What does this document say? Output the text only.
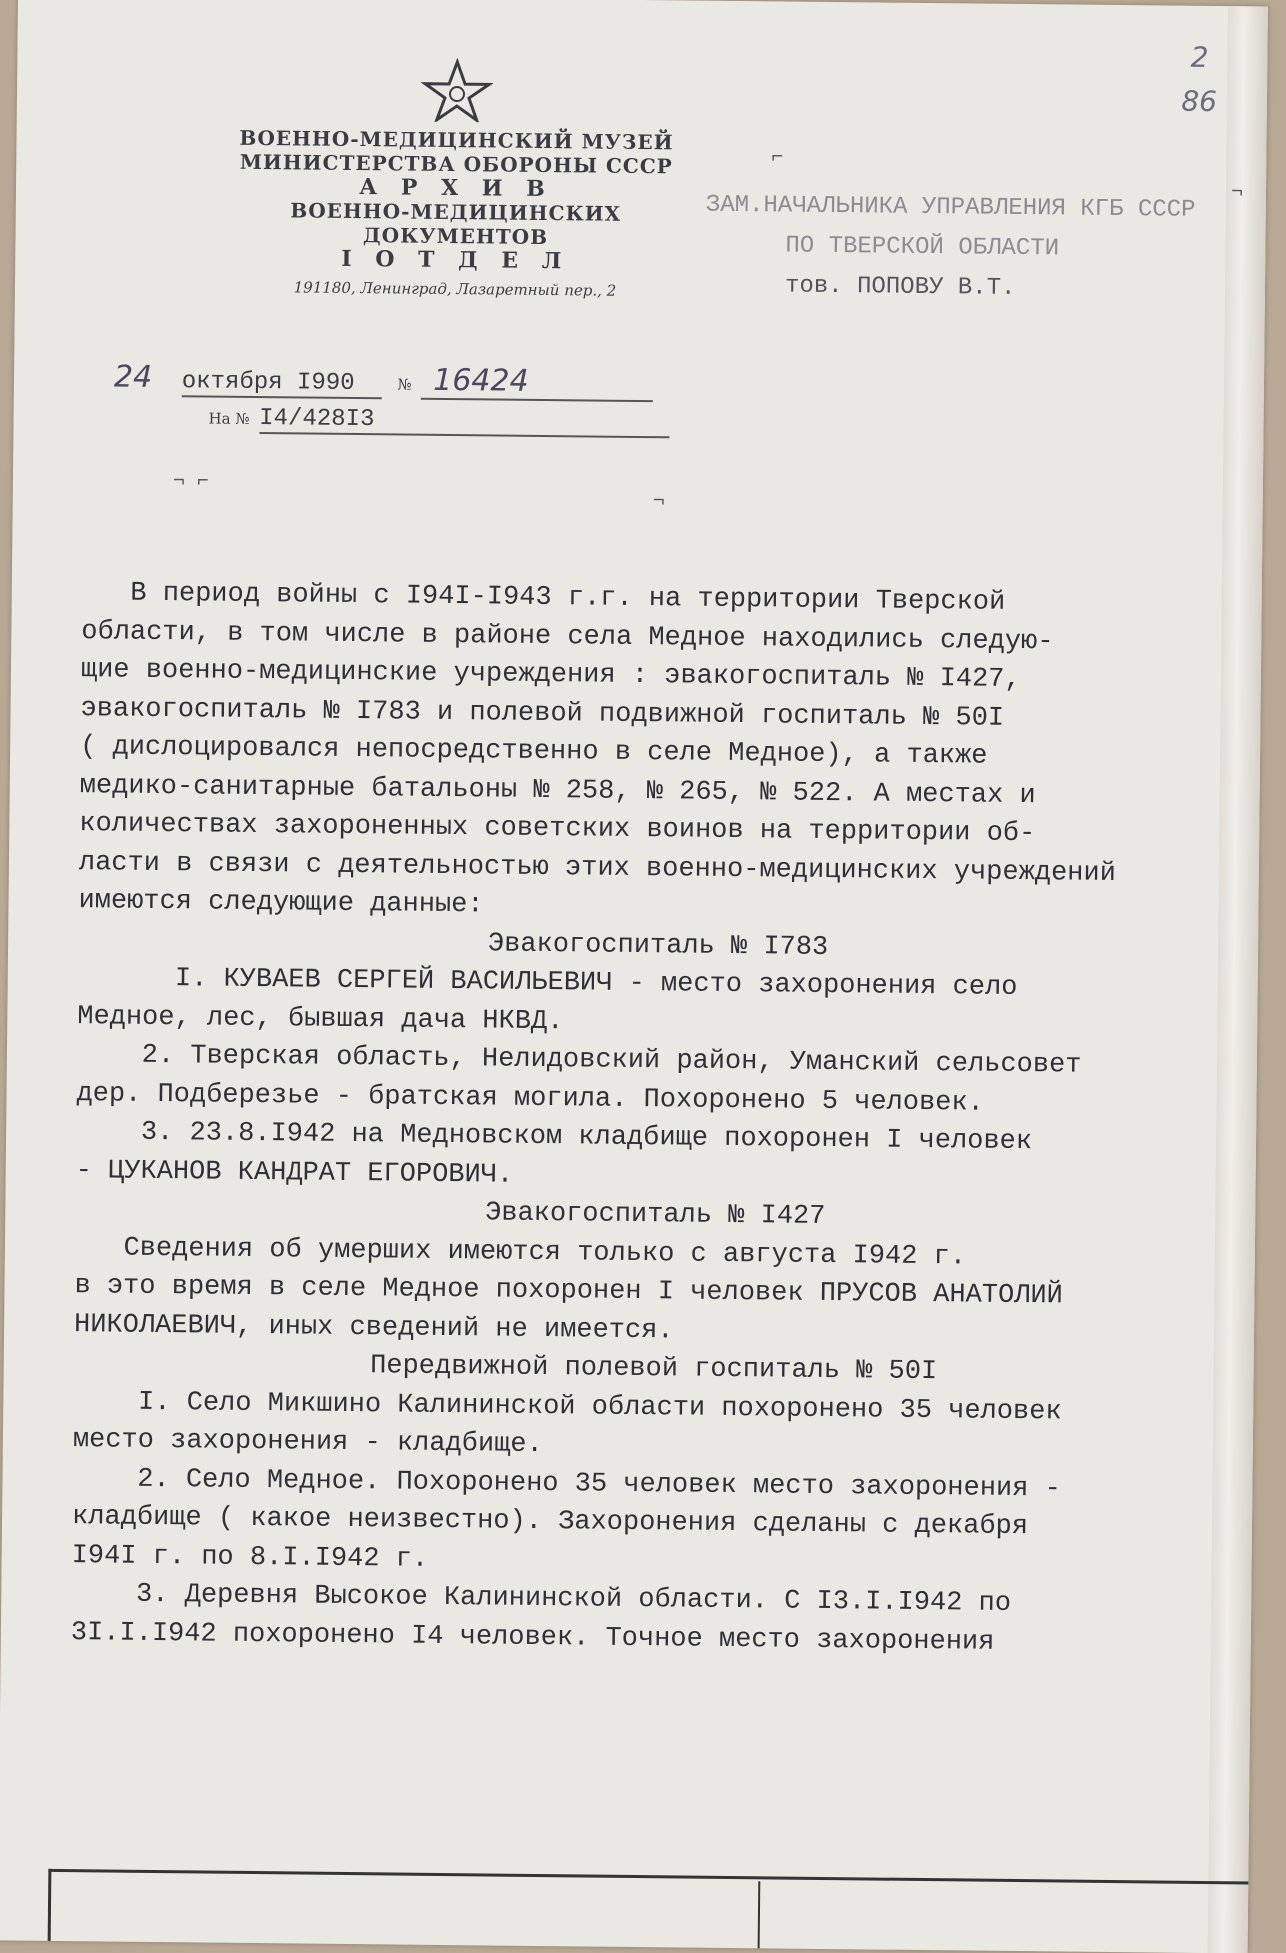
2
86
ВОЕННО-МЕДИЦИНСКИЙ МУЗЕЙ
МИНИСТЕРСТВА ОБОРОНЫ СССР
А Р Х И В
ВОЕННО-МЕДИЦИНСКИХ
ДОКУМЕНТОВ
I О Т Д Е Л
191180, Ленинград, Лазаретный пер., 2
⌐
¬
ЗАМ.НАЧАЛЬНИКА УПРАВЛЕНИЯ КГБ СССР
ПО ТВЕРСКОЙ ОБЛАСТИ
тов. ПОПОВУ В.Т.
24 октября I990	№ 16424
На № I4/428I3
¬ ⌐
¬

В период войны с I94I-I943 г.г. на территории Тверской

области, в том числе в районе села Медное находились следую-

щие военно-медицинские учреждения : эвакогоспиталь № I427,

эвакогоспиталь № I783 и полевой подвижной госпиталь № 50I

( дислоцировался непосредственно в селе Медное), а также

медико-санитарные батальоны № 258, № 265, № 522. А местах и

количествах захороненных советских воинов на территории об-

ласти в связи с деятельностью этих военно-медицинских учреждений

имеются следующие данные:

Эвакогоспиталь № I783

I. КУВАЕВ СЕРГЕЙ ВАСИЛЬЕВИЧ - место захоронения село

Медное, лес, бывшая дача НКВД.

2. Тверская область, Нелидовский район, Уманский сельсовет

дер. Подберезье - братская могила. Похоронено 5 человек.

3. 23.8.I942 на Медновском кладбище похоронен I человек

- ЦУКАНОВ КАНДРАТ ЕГОРОВИЧ.

Эвакогоспиталь № I427

Сведения об умерших имеются только с августа I942 г.

в это время в селе Медное похоронен I человек ПРУСОВ АНАТОЛИЙ

НИКОЛАЕВИЧ, иных сведений не имеется.

Передвижной полевой госпиталь № 50I

I. Село Микшино Калининской области похоронено 35 человек

место захоронения - кладбище.

2. Село Медное. Похоронено 35 человек место захоронения -

кладбище ( какое неизвестно). Захоронения сделаны с декабря

I94I г. по 8.I.I942 г.

3. Деревня Высокое Калининской области. С I3.I.I942 по

3I.I.I942 похоронено I4 человек. Точное место захоронения
